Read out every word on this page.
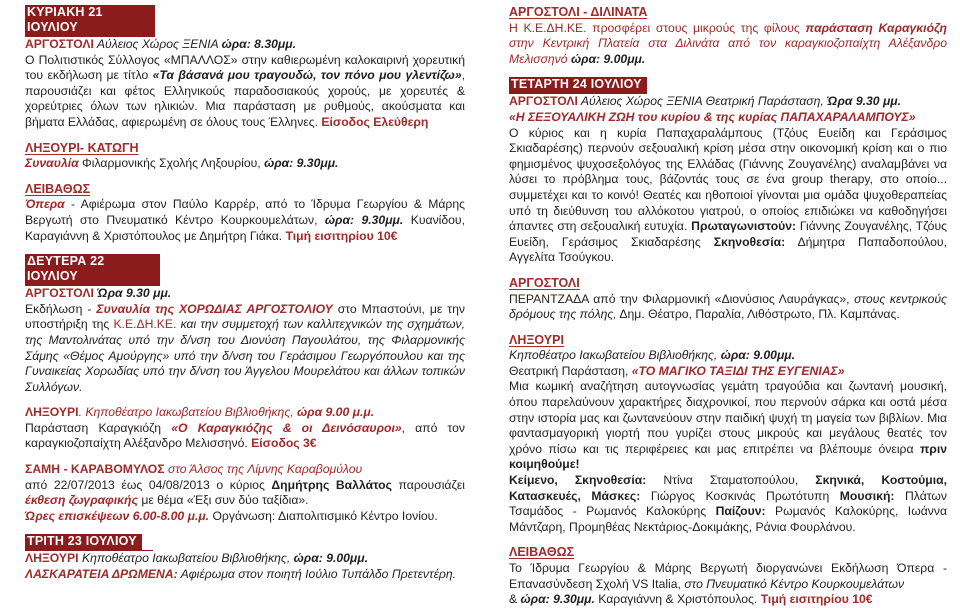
ΚΥΡΙΑΚΗ 21 ΙΟΥΛΙΟΥ

ΑΡΓΟΣΤΟΛΙ Αύλειος Χώρος ΞΕΝΙΑ ώρα: 8.30μμ.
Ο Πολιτιστικός Σύλλογος «ΜΠΑΛΛΟΣ» στην καθιερωμένη καλοκαιρινή χορευτική του εκδήλωση με τίτλο «Τα βάσανά μου τραγουδώ, τον πόνο μου γλεντίζω», παρουσιάζει και φέτος Ελληνικούς παραδοσιακούς χορούς, με χορευτές & χορεύτριες όλων των ηλικιών. Μια παράσταση με ρυθμούς, ακούσματα και βήματα Ελλάδας, αφιερωμένη σε όλους τους Έλληνες. Είσοδος Ελεύθερη

ΛΗΞΟΥΡΙ- ΚΑΤΩΓΗ

Συναυλία Φιλαρμονικής Σχολής Ληξουρίου, ώρα: 9.30μμ.

ΛΕΙΒΑΘΩΣ

Όπερα - Αφιέρωμα στον Παύλο Καρρέρ, από το Ίδρυμα Γεωργίου & Μάρης Βεργωτή στο Πνευματικό Κέντρο Κουρκουμελάτων, ώρα: 9.30μμ. Κυανίδου, Καραγιάννη & Χριστόπουλος με Δημήτρη Γιάκα. Τιμή εισιτηρίου 10€

ΔΕΥΤΕΡΑ 22 ΙΟΥΛΙΟΥ

ΑΡΓΟΣΤΟΛΙ Ώρα 9.30 μμ.
Εκδήλωση - Συναυλία της ΧΟΡΩΔΙΑΣ ΑΡΓΟΣΤΟΛΙΟΥ στο Μπαστούνι, με την υποστήριξη της Κ.Ε.ΔΗ.ΚΕ. και την συμμετοχή των καλλιτεχνικών της σχημάτων, της Μαντολινάτας υπό την δ/νση του Διονύση Παγουλάτου, της Φιλαρμονικής Σάμης «Θέμος Αμούργης» υπό την δ/νση του Γεράσιμου Γεωργόπουλου και της Γυναικείας Χορωδίας υπό την δ/νση του Άγγελου Μουρελάτου και άλλων τοπικών Συλλόγων.

ΛΗΞΟΥΡΙ. Κηποθέατρο Ιακωβατείου Βιβλιοθήκης, ώρα 9.00 μ.μ.
Παράσταση Καραγκιόζη «Ο Καραγκιόζης & οι Δεινόσαυροι», από τον καραγκιοζοπαίχτη Αλέξανδρο Μελισσηνό. Είσοδος 3€

ΣΑΜΗ - ΚΑΡΑΒΟΜΥΛΟΣ στο Άλσος της Λίμνης Καραβομύλου
από 22/07/2013 έως 04/08/2013 ο κύριος Δημήτρης Βαλλάτος παρουσιάζει έκθεση ζωγραφικής με θέμα «Έξι συν δύο ταξίδια».
Ώρες επισκέψεων 6.00-8.00 μ.μ. Οργάνωση: Διαπολιτισμικό Κέντρο Ιονίου.

ΤΡΙΤΗ 23 ΙΟΥΛΙΟΥ

ΛΗΞΟΥΡΙ Κηποθέατρο Ιακωβατείου Βιβλιοθήκης, ώρα: 9.00μμ.
ΛΑΣΚΑΡΑΤΕΙΑ ΔΡΩΜΕΝΑ: Αφιέρωμα στον ποιητή Ιούλιο Τυπάλδο Πρετεντέρη.

ΑΡΓΟΣΤΟΛΙ - ΔΙΛΙΝΑΤΑ

Η Κ.Ε.ΔΗ.ΚΕ. προσφέρει στους μικρούς της φίλους παράσταση Καραγκιόζη στην Κεντρική Πλατεία στα Διλινάτα από τον καραγκιοζοπαίχτη Αλέξανδρο Μελισσηνό ώρα: 9.00μμ.

ΤΕΤΑΡΤΗ 24 ΙΟΥΛΙΟΥ

ΑΡΓΟΣΤΟΛΙ Αύλειος Χώρος ΞΕΝΙΑ Θεατρική Παράσταση, Ώρα 9.30 μμ.
«Η ΣΕΞΟΥΑΛΙΚΗ ΖΩΗ του κυρίου & της κυρίας ΠΑΠΑΧΑΡΑΛΑΜΠΟΥΣ»
Ο κύριος και η κυρία Παπαχαραλάμπους (Τζόυς Ευείδη και Γεράσιμος Σκιαδαρέσης) περνούν σεξουαλική κρίση μέσα στην οικονομική κρίση και ο πιο φημισμένος ψυχοσεξολόγος της Ελλάδας (Γιάννης Ζουγανέλης) αναλαμβάνει να λύσει το πρόβλημα τους, βάζοντάς τους σε ένα group therapy, στο οποίο... συμμετέχει και το κοινό! Θεατές και ηθοποιοί γίνονται μια ομάδα ψυχοθεραπείας υπό τη διεύθυνση του αλλόκοτου γιατρού, ο οποίος επιδιώκει να καθοδηγήσει άπαντες στη σεξουαλική ευτυχία. Πρωταγωνιστούν: Γιάννης Ζουγανέλης, Τζόυς Ευείδη, Γεράσιμος Σκιαδαρέσης Σκηνοθεσία: Δήμητρα Παπαδοπούλου, Αγγελίτα Τσούγκου.

ΑΡΓΟΣΤΟΛΙ

ΠΕΡΑΝΤΖΑΔΑ από την Φιλαρμονική «Διονύσιος Λαυράγκας», στους κεντρικούς δρόμους της πόλης, Δημ. Θέατρο, Παραλία, Λιθόστρωτο, Πλ. Καμπάνας.

ΛΗΞΟΥΡΙ

Κηποθέατρο Ιακωβατείου Βιβλιοθήκης, ώρα: 9.00μμ.
Θεατρική Παράσταση, «ΤΟ ΜΑΓΙΚΟ ΤΑΞΙΔΙ ΤΗΣ ΕΥΓΕΝΙΑΣ»
Μια κωμική αναζήτηση αυτογνωσίας γεμάτη τραγούδια και ζωντανή μουσική, όπου παρελαύνουν χαρακτήρες διαχρονικοί, που περνούν σάρκα και οστά μέσα στην ιστορία μας και ζωντανεύουν στην παιδική ψυχή τη μαγεία των βιβλίων. Μια φαντασμαγορική γιορτή που γυρίζει στους μικρούς και μεγάλους θεατές τον χρόνο πίσω και τις περιφέρειες και μας επιτρέπει να βλέπουμε όνειρα πριν κοιμηθούμε!
Κείμενο, Σκηνοθεσία: Ντίνα Σταματοπούλου, Σκηνικά, Κοστούμια, Κατασκευές, Μάσκες: Γιώργος Κοσκινάς Πρωτότυπη Μουσική: Πλάτων Τσαμάδος - Ρωμανός Καλοκύρης Παίζουν: Ρωμανός Καλοκύρης, Ιωάννα Μάντζαρη, Προμηθέας Νεκτάριος-Δοκιμάκης, Ράνια Φουρλάνου.

ΛΕΙΒΑΘΩΣ

Το Ίδρυμα Γεωργίου & Μάρης Βεργωτή διοργανώνει Εκδήλωση Όπερα - Επανασύνδεση Σχολή VS Italia, στο Πνευματικό Κέντρο Κουρκουμελάτων
& ώρα: 9.30μμ. Καραγιάννη & Χριστόπουλος. Τιμή εισιτηρίου 10€
